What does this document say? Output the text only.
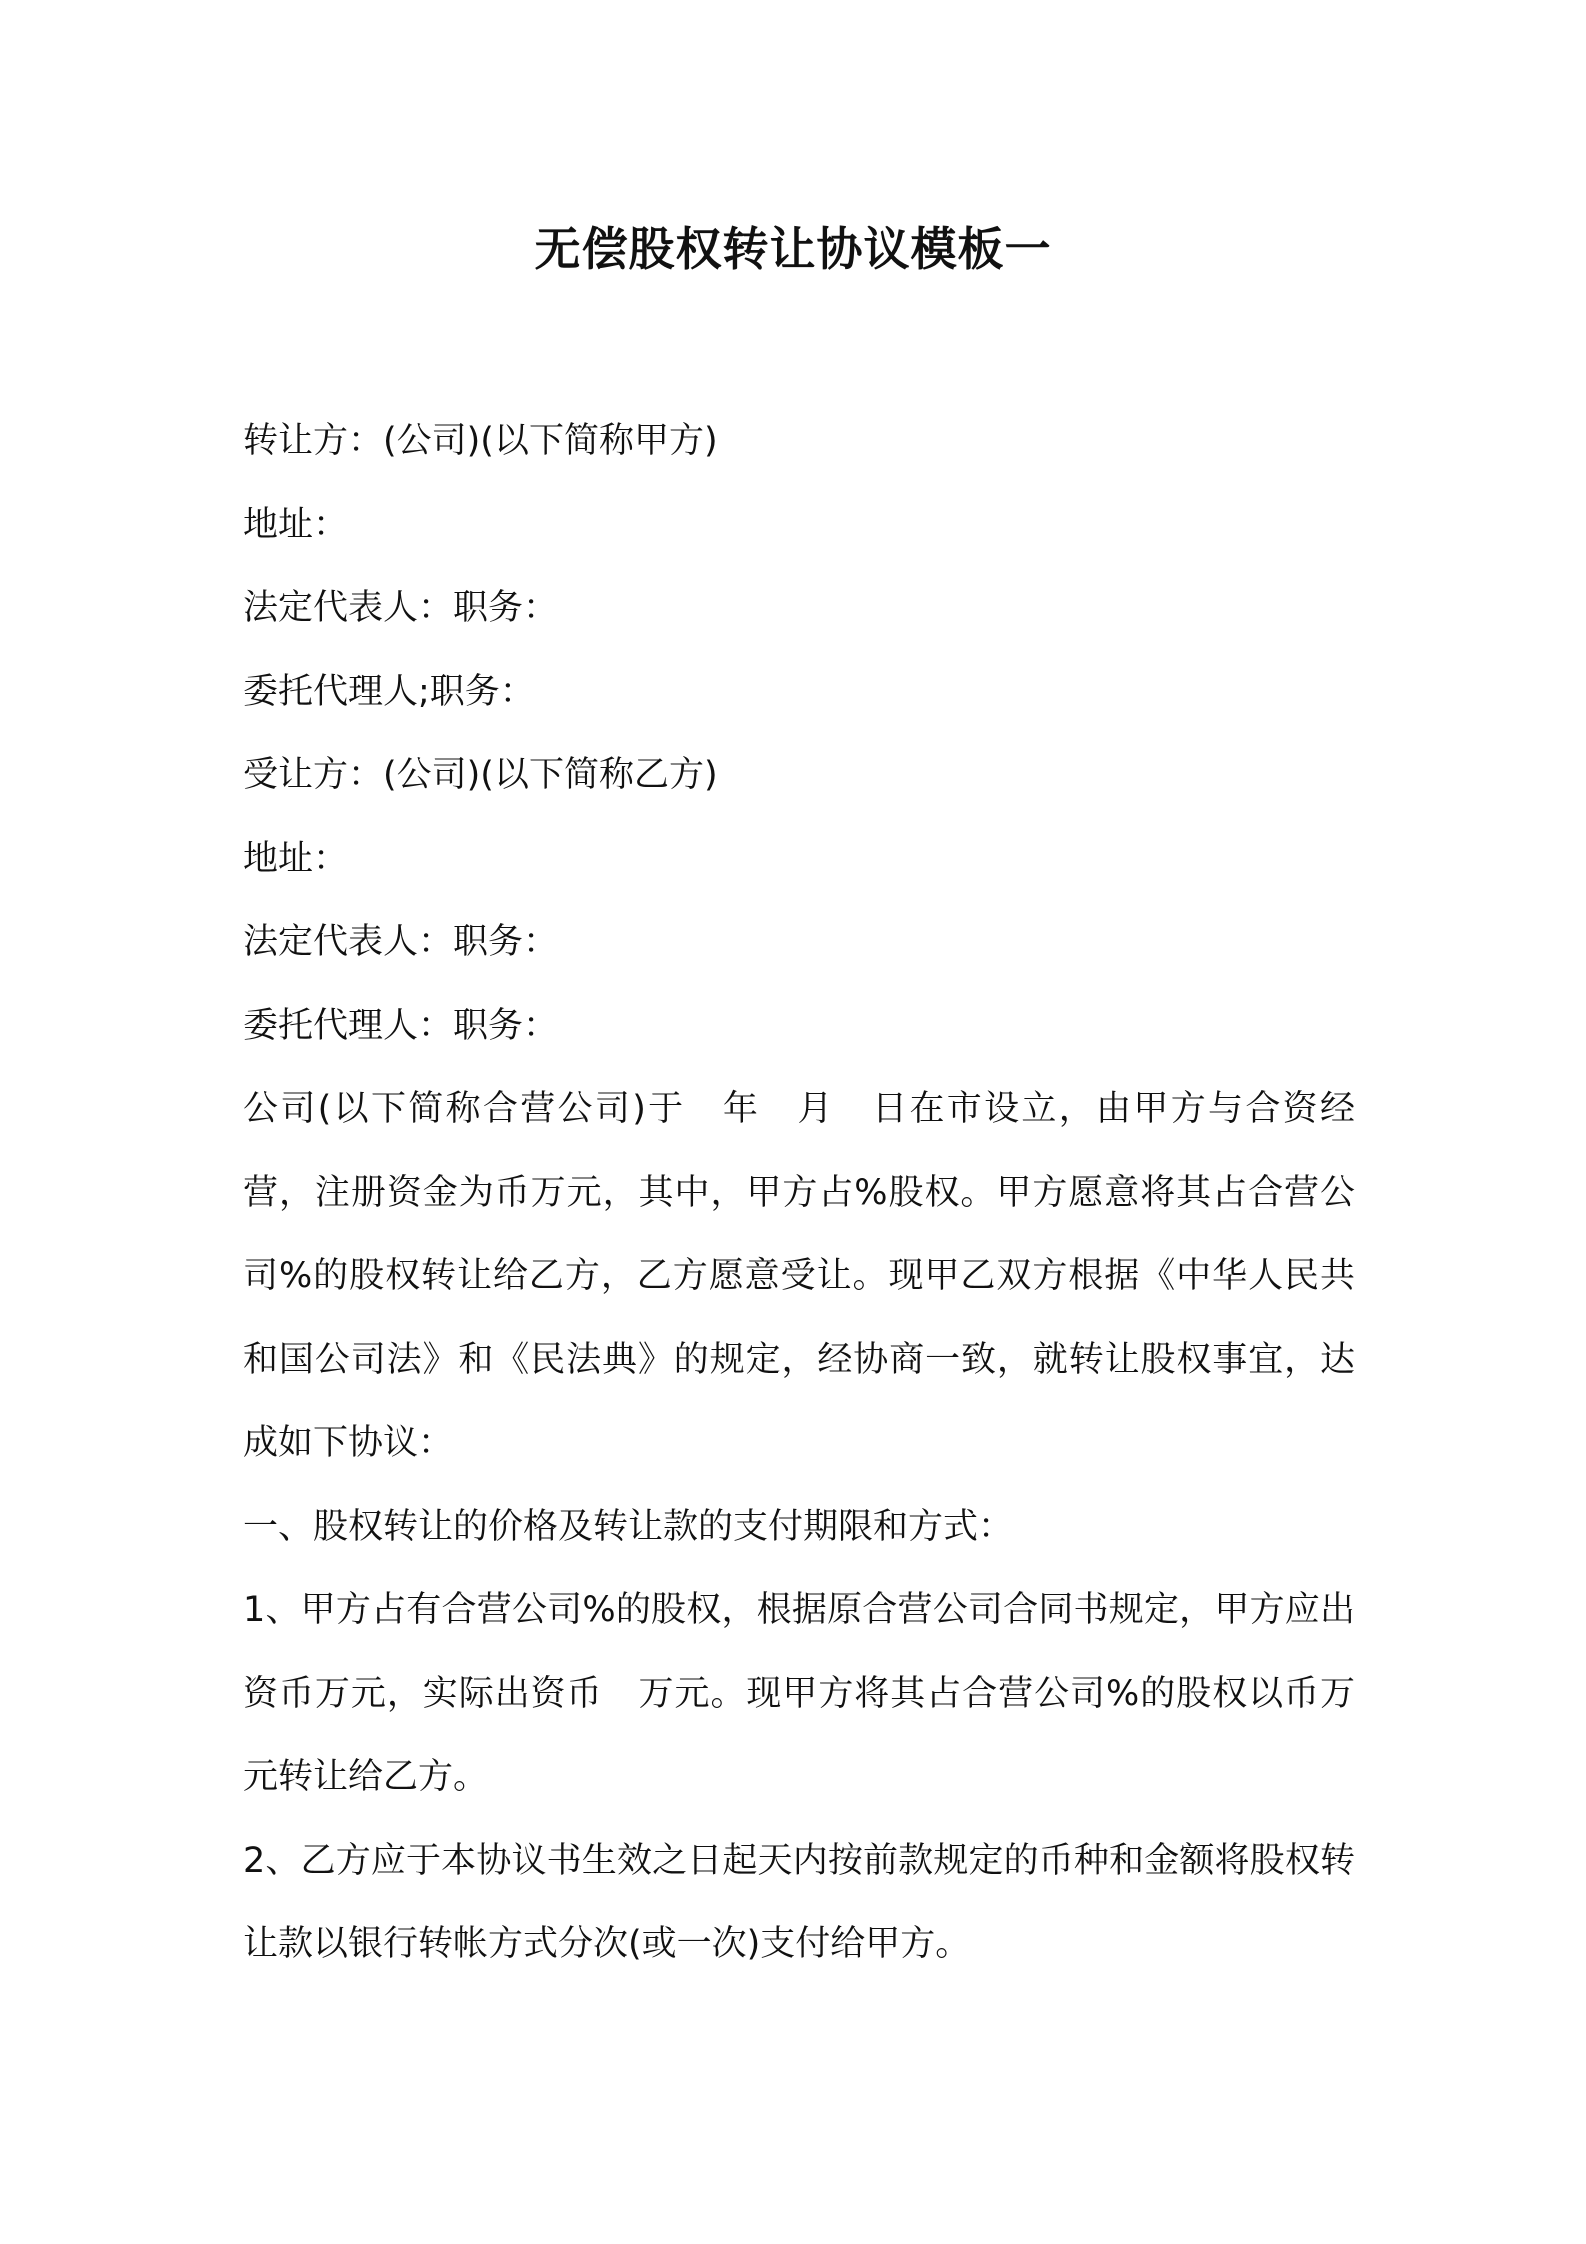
无偿股权转让协议模板一

转让方：(公司)(以下简称甲方)

地址：

法定代表人：职务：

委托代理人;职务：

受让方：(公司)(以下简称乙方)

地址：

法定代表人：职务：

委托代理人：职务：

公司(以下简称合营公司)于　年　月　日在市设立，由甲方与合资经营，注册资金为币万元，其中，甲方占%股权。甲方愿意将其占合营公司%的股权转让给乙方，乙方愿意受让。现甲乙双方根据《中华人民共和国公司法》和《民法典》的规定，经协商一致，就转让股权事宜，达成如下协议：

一、股权转让的价格及转让款的支付期限和方式：

1、甲方占有合营公司%的股权，根据原合营公司合同书规定，甲方应出资币万元，实际出资币　万元。现甲方将其占合营公司%的股权以币万元转让给乙方。

2、乙方应于本协议书生效之日起天内按前款规定的币种和金额将股权转让款以银行转帐方式分次(或一次)支付给甲方。
